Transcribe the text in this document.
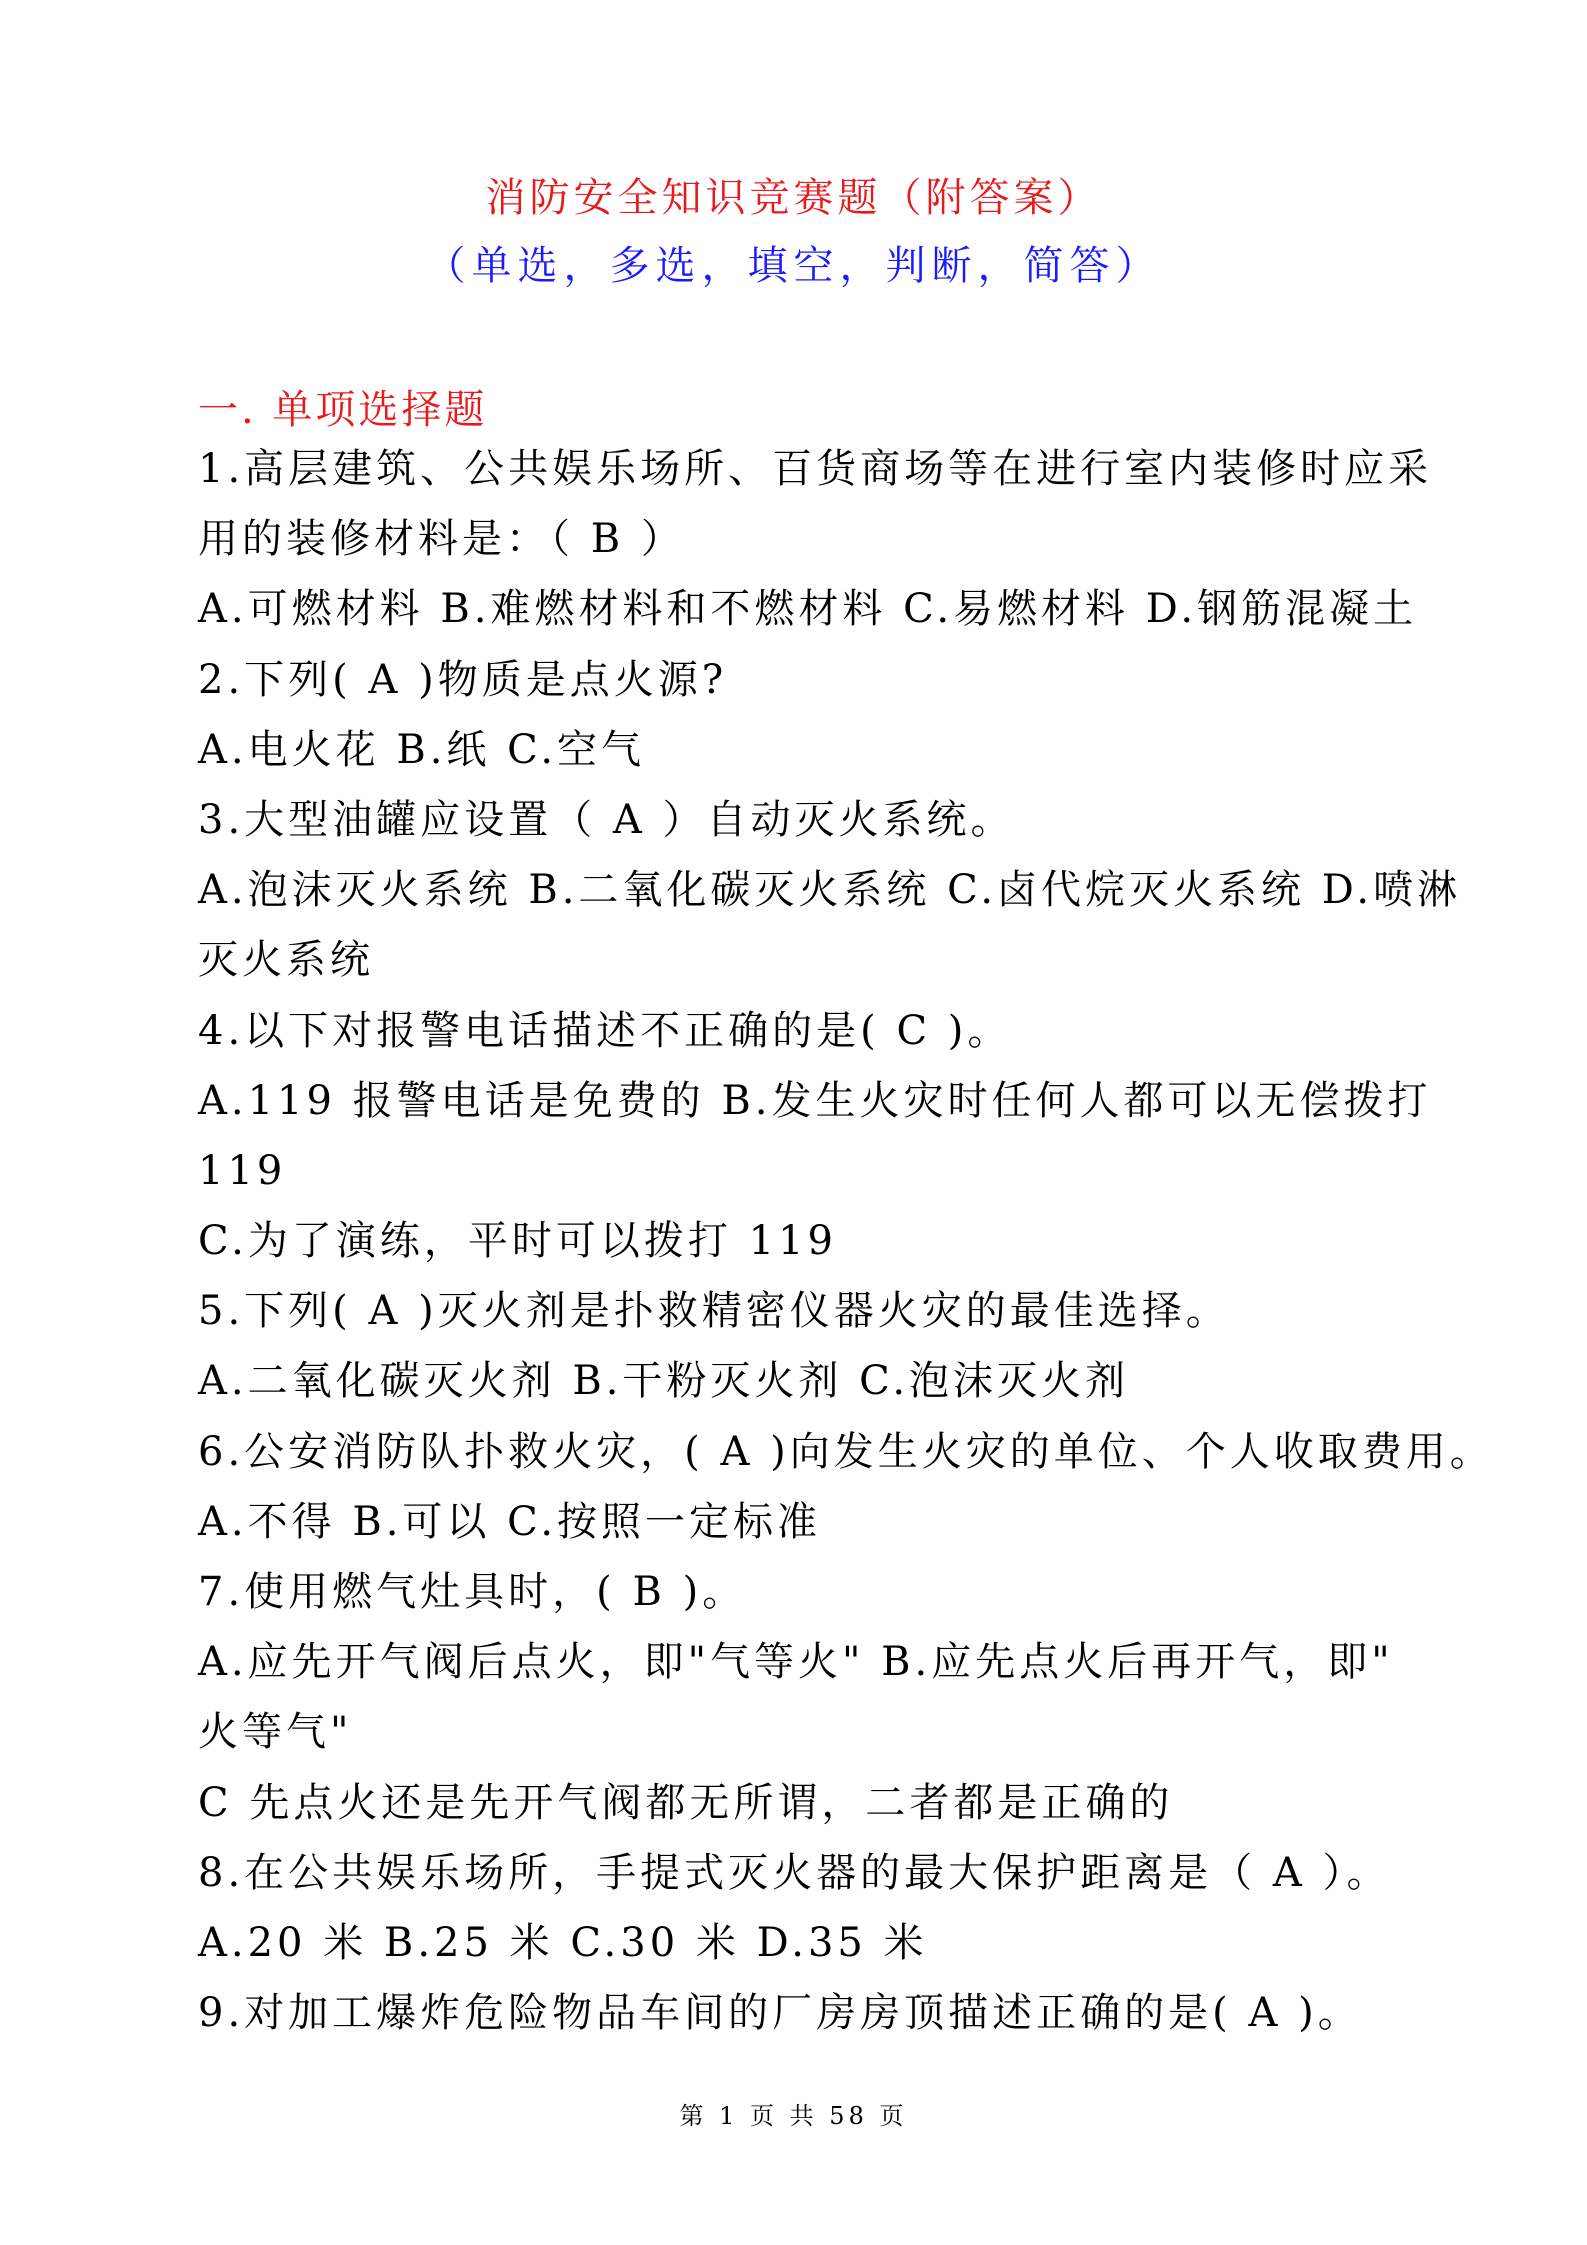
消防安全知识竞赛题（附答案）
（单选，多选，填空，判断，简答）
一. 单项选择题
1.高层建筑、公共娱乐场所、百货商场等在进行室内装修时应采
用的装修材料是：（ B ）
A.可燃材料 B.难燃材料和不燃材料 C.易燃材料 D.钢筋混凝土
2.下列( A )物质是点火源?
A.电火花 B.纸 C.空气
3.大型油罐应设置（ A ）自动灭火系统。
A.泡沫灭火系统 B.二氧化碳灭火系统 C.卤代烷灭火系统 D.喷淋
灭火系统
4.以下对报警电话描述不正确的是( C )。
A.119 报警电话是免费的 B.发生火灾时任何人都可以无偿拨打
119
C.为了演练，平时可以拨打 119
5.下列( A )灭火剂是扑救精密仪器火灾的最佳选择。
A.二氧化碳灭火剂 B.干粉灭火剂 C.泡沫灭火剂
6.公安消防队扑救火灾，( A )向发生火灾的单位、个人收取费用。
A.不得 B.可以 C.按照一定标准
7.使用燃气灶具时，( B )。
A.应先开气阀后点火，即"气等火" B.应先点火后再开气，即"
火等气"
C 先点火还是先开气阀都无所谓，二者都是正确的
8.在公共娱乐场所，手提式灭火器的最大保护距离是（ A ）。
A.20 米 B.25 米 C.30 米 D.35 米
9.对加工爆炸危险物品车间的厂房房顶描述正确的是( A )。
第 1 页 共 58 页
